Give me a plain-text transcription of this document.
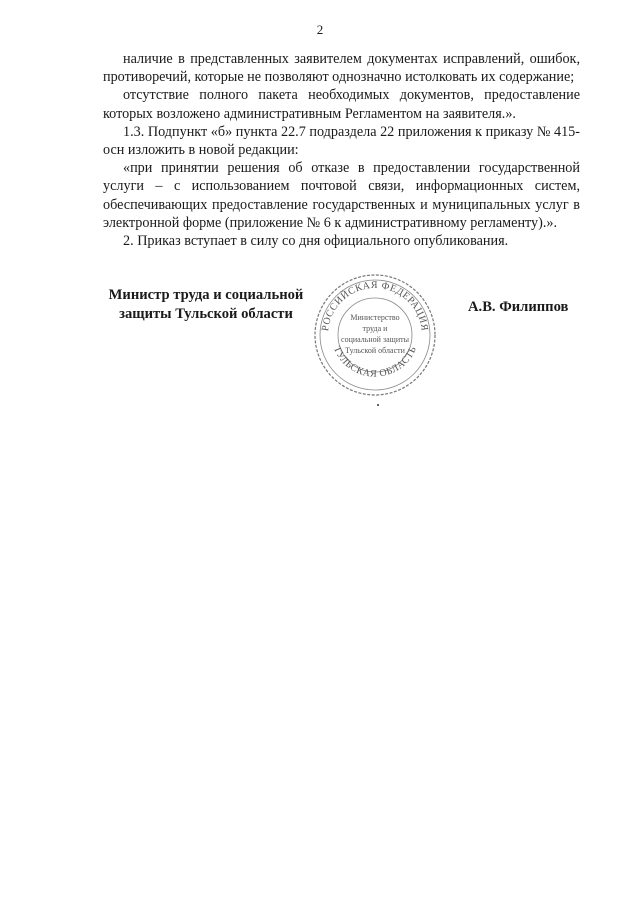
2

наличие в представленных заявителем документах исправлений, ошибок, противоречий, которые не позволяют однозначно истолковать их содержание;

отсутствие полного пакета необходимых документов, предоставление которых возложено административным Регламентом на заявителя.».

1.3. Подпункт «б» пункта 22.7 подраздела 22 приложения к приказу № 415-осн изложить в новой редакции:

«при принятии решения об отказе в предоставлении государственной услуги – с использованием почтовой связи, информационных систем, обеспечивающих предоставление государственных и муниципальных услуг в электронной форме (приложение № 6 к административному регламенту).».

2. Приказ вступает в силу со дня официального опубликования.

Министр труда и социальной
защиты Тульской области	А.В. Филиппов
РОССИЙСКАЯ ФЕДЕРАЦИЯ
ТУЛЬСКАЯ ОБЛАСТЬ
Министерство
труда и
социальной защиты
Тульской области
